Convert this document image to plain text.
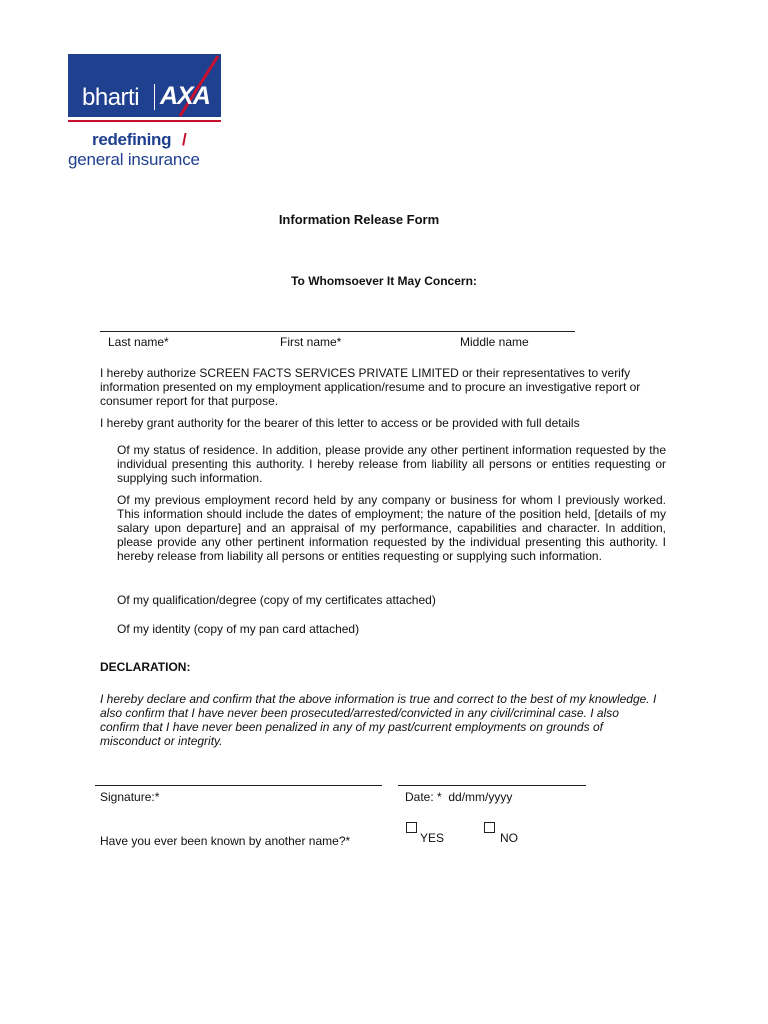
bharti AXA
redefining /
general insurance
Information Release Form
To Whomsoever It May Concern:
Last name*	First name*	Middle name
I hereby authorize SCREEN FACTS SERVICES PRIVATE LIMITED or their representatives to verify information presented on my employment application/resume and to procure an investigative report or consumer report for that purpose.
I hereby grant authority for the bearer of this letter to access or be provided with full details
Of my status of residence. In addition, please provide any other pertinent information requested by the individual presenting this authority. I hereby release from liability all persons or entities requesting or supplying such information.
Of my previous employment record held by any company or business for whom I previously worked. This information should include the dates of employment; the nature of the position held, [details of my salary upon departure] and an appraisal of my performance, capabilities and character. In addition, please provide any other pertinent information requested by the individual presenting this authority. I hereby release from liability all persons or entities requesting or supplying such information.
Of my qualification/degree (copy of my certificates attached)
Of my identity (copy of my pan card attached)
DECLARATION:
I hereby declare and confirm that the above information is true and correct to the best of my knowledge. I also confirm that I have never been prosecuted/arrested/convicted in any civil/criminal case. I also confirm that I have never been penalized in any of my past/current employments on grounds of misconduct or integrity.
Signature:*	Date: *  dd/mm/yyyy
Have you ever been known by another name?*	YES	NO
